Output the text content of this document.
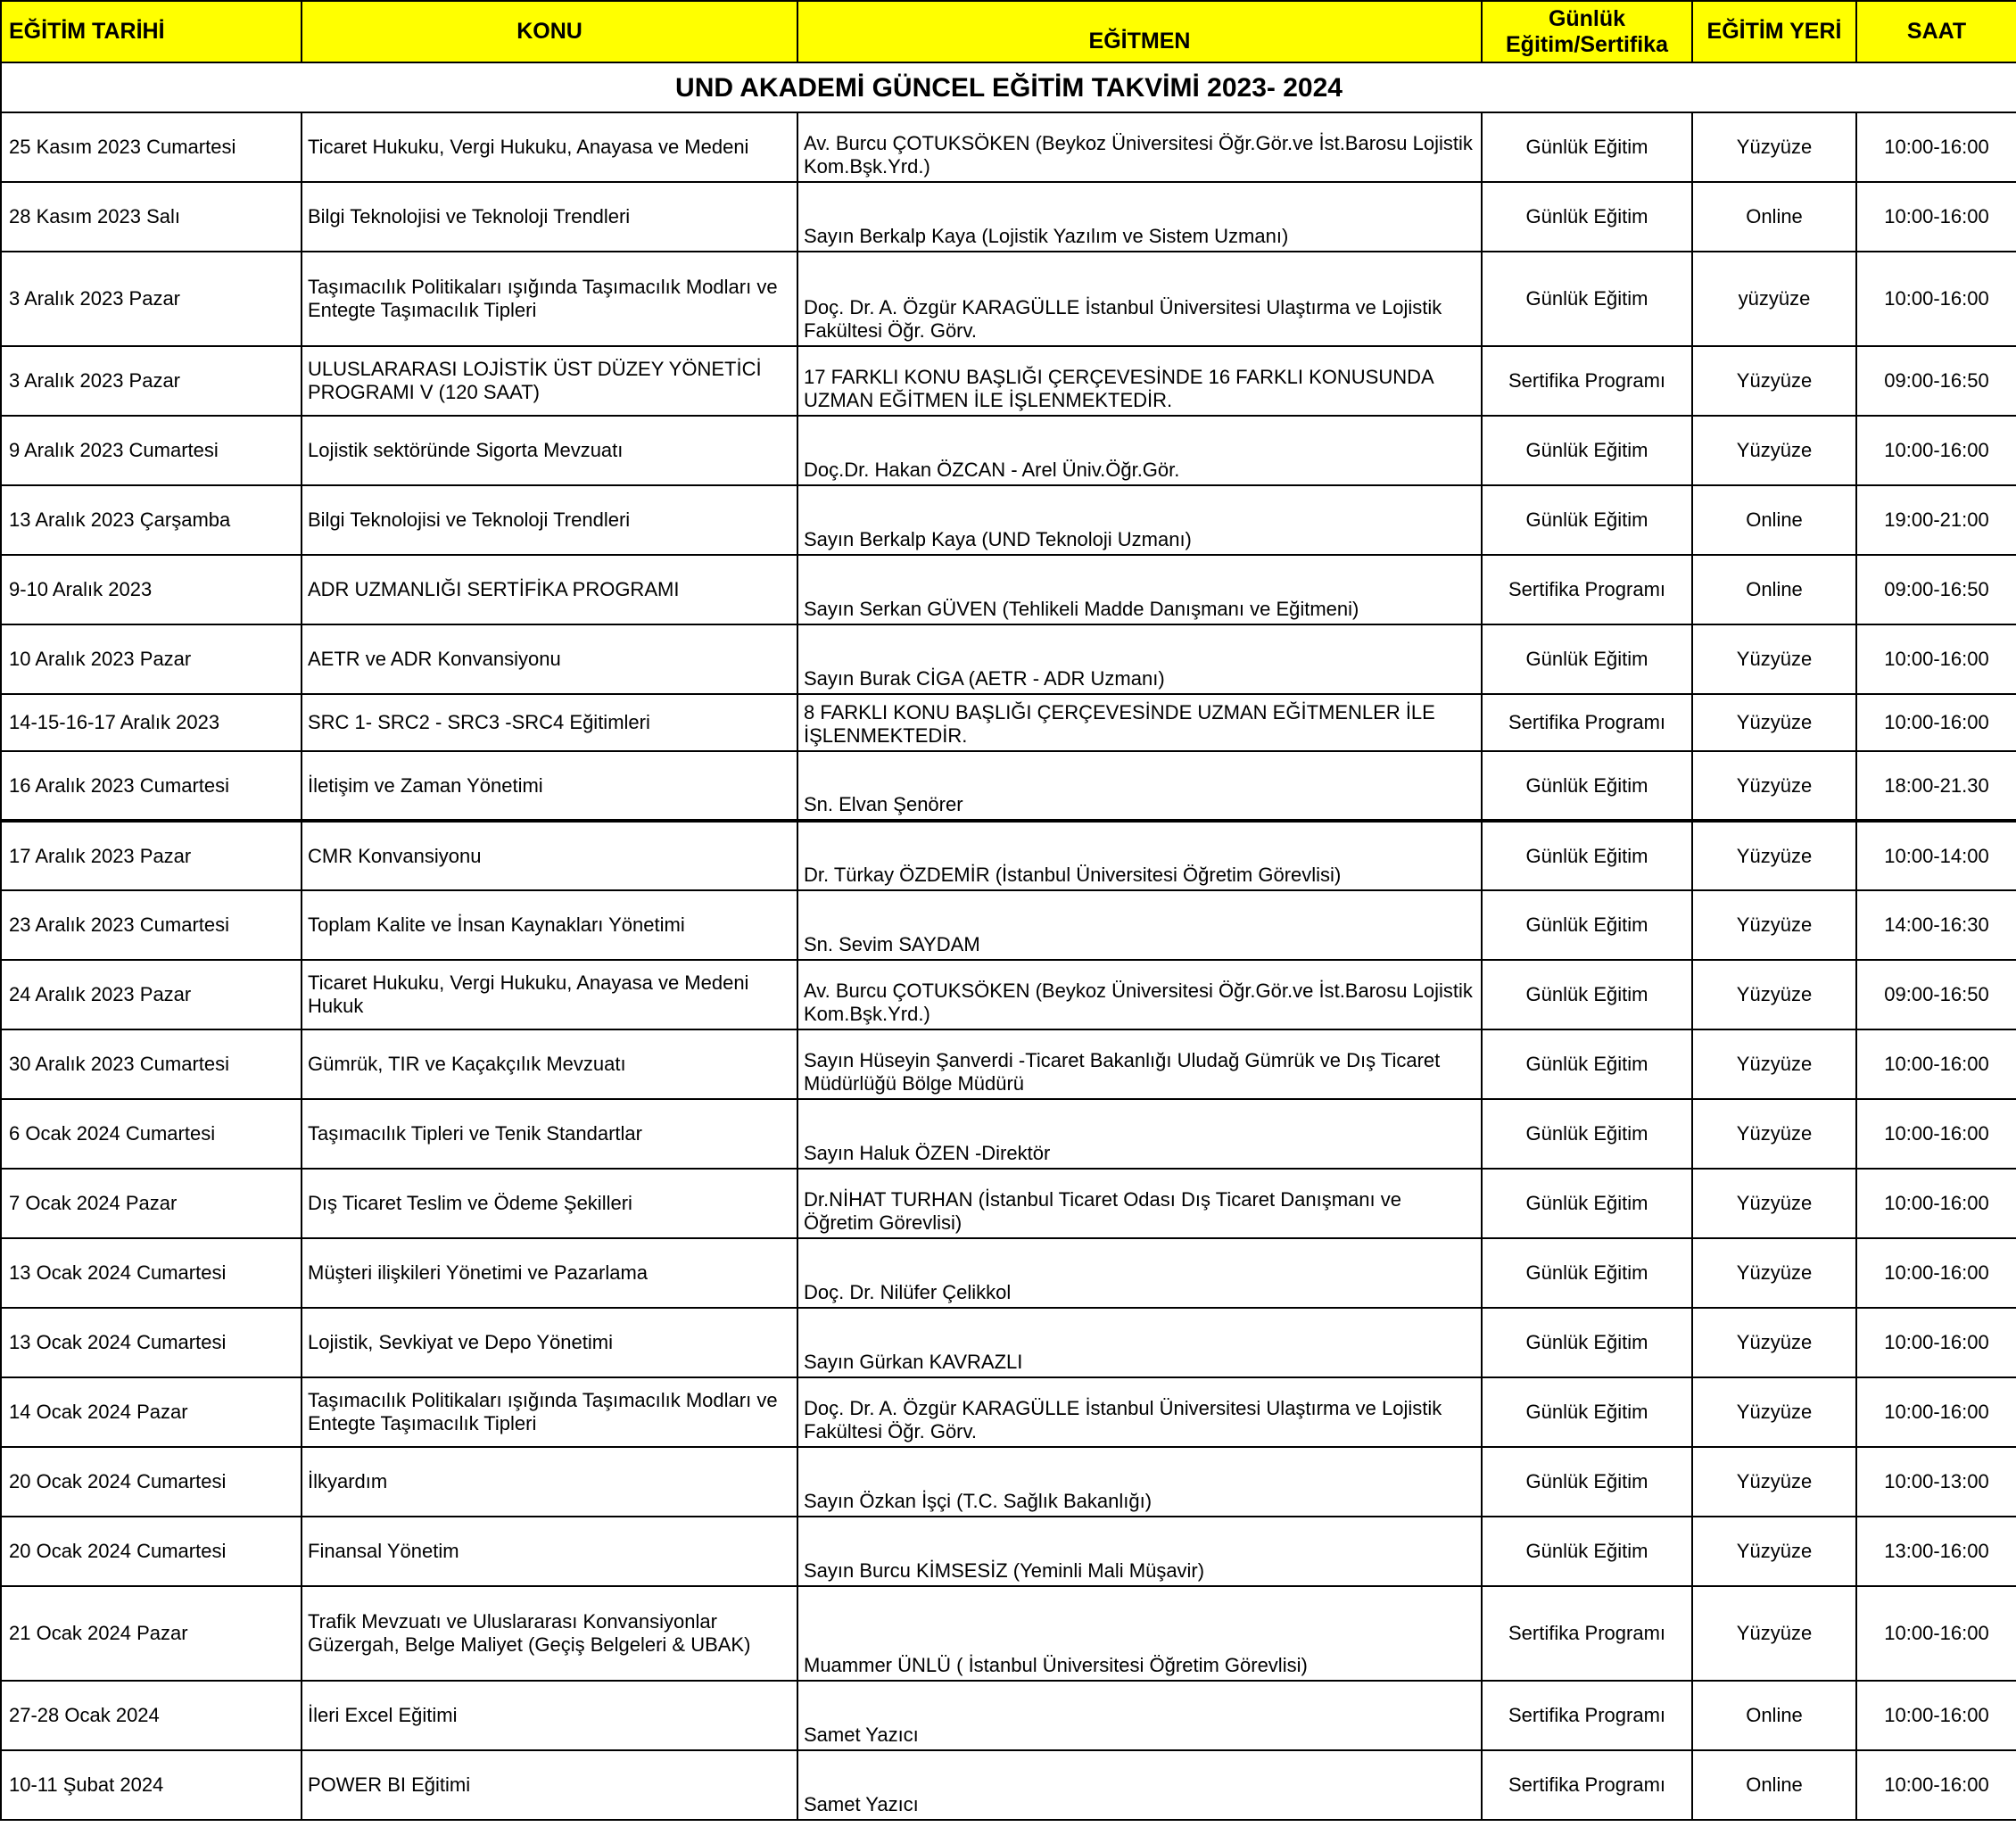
UND AKADEMİ GÜNCEL EĞİTİM TAKVİMİ 2023- 2024					
EĞİTİM TARİHİ	KONU	EĞİTMEN	Günlük Eğitim/Sertifika	EĞİTİM YERİ	SAAT
25 Kasım 2023 Cumartesi	Ticaret Hukuku, Vergi Hukuku, Anayasa ve Medeni	Av. Burcu ÇOTUKSÖKEN (Beykoz Üniversitesi Öğr.Gör.ve İst.Barosu Lojistik Kom.Bşk.Yrd.)	Günlük Eğitim	Yüzyüze	10:00-16:00
28 Kasım 2023 Salı	Bilgi Teknolojisi ve Teknoloji Trendleri	Sayın Berkalp Kaya (Lojistik Yazılım ve Sistem Uzmanı)	Günlük Eğitim	Online	10:00-16:00
3 Aralık 2023 Pazar	Taşımacılık Politikaları ışığında Taşımacılık Modları ve Entegte Taşımacılık Tipleri	Doç. Dr. A. Özgür KARAGÜLLE İstanbul Üniversitesi Ulaştırma ve Lojistik Fakültesi Öğr. Görv.	Günlük Eğitim	yüzyüze	10:00-16:00
3 Aralık 2023 Pazar	ULUSLARARASI LOJİSTİK ÜST DÜZEY YÖNETİCİ PROGRAMI V (120 SAAT)	17 FARKLI KONU BAŞLIĞI ÇERÇEVESİNDE 16 FARKLI KONUSUNDA UZMAN EĞİTMEN İLE İŞLENMEKTEDİR.	Sertifika Programı	Yüzyüze	09:00-16:50
9 Aralık 2023 Cumartesi	Lojistik sektöründe Sigorta Mevzuatı	Doç.Dr. Hakan ÖZCAN - Arel Üniv.Öğr.Gör.	Günlük Eğitim	Yüzyüze	10:00-16:00
13 Aralık 2023 Çarşamba	Bilgi Teknolojisi ve Teknoloji Trendleri	Sayın Berkalp Kaya (UND Teknoloji Uzmanı)	Günlük Eğitim	Online	19:00-21:00
9-10 Aralık 2023	ADR UZMANLIĞI SERTİFİKA PROGRAMI	Sayın Serkan GÜVEN (Tehlikeli Madde Danışmanı ve Eğitmeni)	Sertifika Programı	Online	09:00-16:50
10 Aralık 2023 Pazar	AETR ve ADR Konvansiyonu	Sayın Burak CİGA (AETR - ADR Uzmanı)	Günlük Eğitim	Yüzyüze	10:00-16:00
14-15-16-17 Aralık 2023	SRC 1- SRC2 - SRC3 -SRC4 Eğitimleri	8 FARKLI KONU BAŞLIĞI ÇERÇEVESİNDE UZMAN EĞİTMENLER İLE İŞLENMEKTEDİR.	Sertifika Programı	Yüzyüze	10:00-16:00
16 Aralık 2023 Cumartesi	İletişim ve Zaman Yönetimi	Sn. Elvan Şenörer	Günlük Eğitim	Yüzyüze	18:00-21.30
17 Aralık 2023 Pazar	CMR Konvansiyonu	Dr. Türkay ÖZDEMİR (İstanbul Üniversitesi Öğretim Görevlisi)	Günlük Eğitim	Yüzyüze	10:00-14:00
23 Aralık 2023 Cumartesi	Toplam Kalite ve İnsan Kaynakları Yönetimi	Sn. Sevim SAYDAM	Günlük Eğitim	Yüzyüze	14:00-16:30
24 Aralık 2023 Pazar	Ticaret Hukuku, Vergi Hukuku, Anayasa ve Medeni Hukuk	Av. Burcu ÇOTUKSÖKEN (Beykoz Üniversitesi Öğr.Gör.ve İst.Barosu Lojistik Kom.Bşk.Yrd.)	Günlük Eğitim	Yüzyüze	09:00-16:50
30 Aralık 2023 Cumartesi	Gümrük, TIR ve Kaçakçılık Mevzuatı	Sayın Hüseyin Şanverdi -Ticaret Bakanlığı Uludağ Gümrük ve Dış Ticaret Müdürlüğü Bölge Müdürü	Günlük Eğitim	Yüzyüze	10:00-16:00
6 Ocak 2024 Cumartesi	Taşımacılık Tipleri ve Tenik Standartlar	Sayın Haluk ÖZEN -Direktör	Günlük Eğitim	Yüzyüze	10:00-16:00
7 Ocak 2024 Pazar	Dış Ticaret Teslim ve Ödeme Şekilleri	Dr.NİHAT TURHAN (İstanbul Ticaret Odası Dış Ticaret Danışmanı ve Öğretim Görevlisi)	Günlük Eğitim	Yüzyüze	10:00-16:00
13 Ocak 2024 Cumartesi	Müşteri ilişkileri Yönetimi ve Pazarlama	Doç. Dr. Nilüfer Çelikkol	Günlük Eğitim	Yüzyüze	10:00-16:00
13 Ocak 2024 Cumartesi	Lojistik, Sevkiyat ve Depo Yönetimi	Sayın Gürkan KAVRAZLI	Günlük Eğitim	Yüzyüze	10:00-16:00
14 Ocak 2024 Pazar	Taşımacılık Politikaları ışığında Taşımacılık Modları ve Entegte Taşımacılık Tipleri	Doç. Dr. A. Özgür KARAGÜLLE İstanbul Üniversitesi Ulaştırma ve Lojistik Fakültesi Öğr. Görv.	Günlük Eğitim	Yüzyüze	10:00-16:00
20 Ocak 2024 Cumartesi	İlkyardım	Sayın Özkan İşçi (T.C. Sağlık Bakanlığı)	Günlük Eğitim	Yüzyüze	10:00-13:00
20 Ocak 2024 Cumartesi	Finansal Yönetim	Sayın Burcu KİMSESİZ (Yeminli Mali Müşavir)	Günlük Eğitim	Yüzyüze	13:00-16:00
21 Ocak 2024 Pazar	Trafik Mevzuatı ve Uluslararası Konvansiyonlar Güzergah, Belge Maliyet (Geçiş Belgeleri & UBAK)	Muammer ÜNLÜ ( İstanbul Üniversitesi Öğretim Görevlisi)	Sertifika Programı	Yüzyüze	10:00-16:00
27-28 Ocak 2024	İleri Excel Eğitimi	Samet Yazıcı	Sertifika Programı	Online	10:00-16:00
10-11 Şubat 2024	POWER BI Eğitimi	Samet Yazıcı	Sertifika Programı	Online	10:00-16:00
